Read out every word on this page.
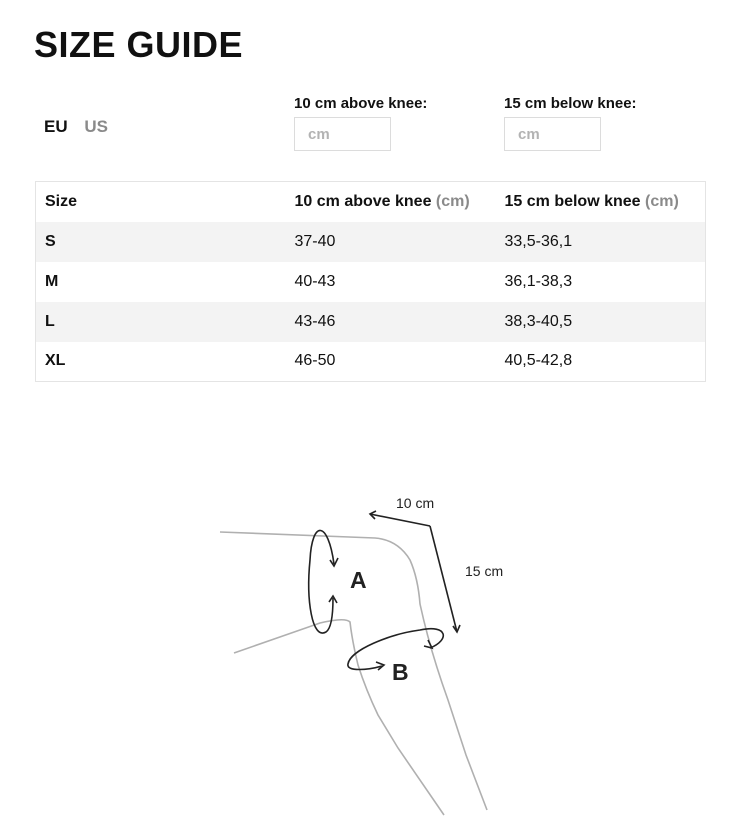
SIZE GUIDE
EU US
10 cm above knee:
cm	15 cm below knee:
cm
Size	10 cm above knee (cm)	15 cm below knee (cm)
S	37-40	33,5-36,1
M	40-43	36,1-38,3
L	43-46	38,3-40,5
XL	46-50	40,5-42,8
A
B
10 cm
15 cm
